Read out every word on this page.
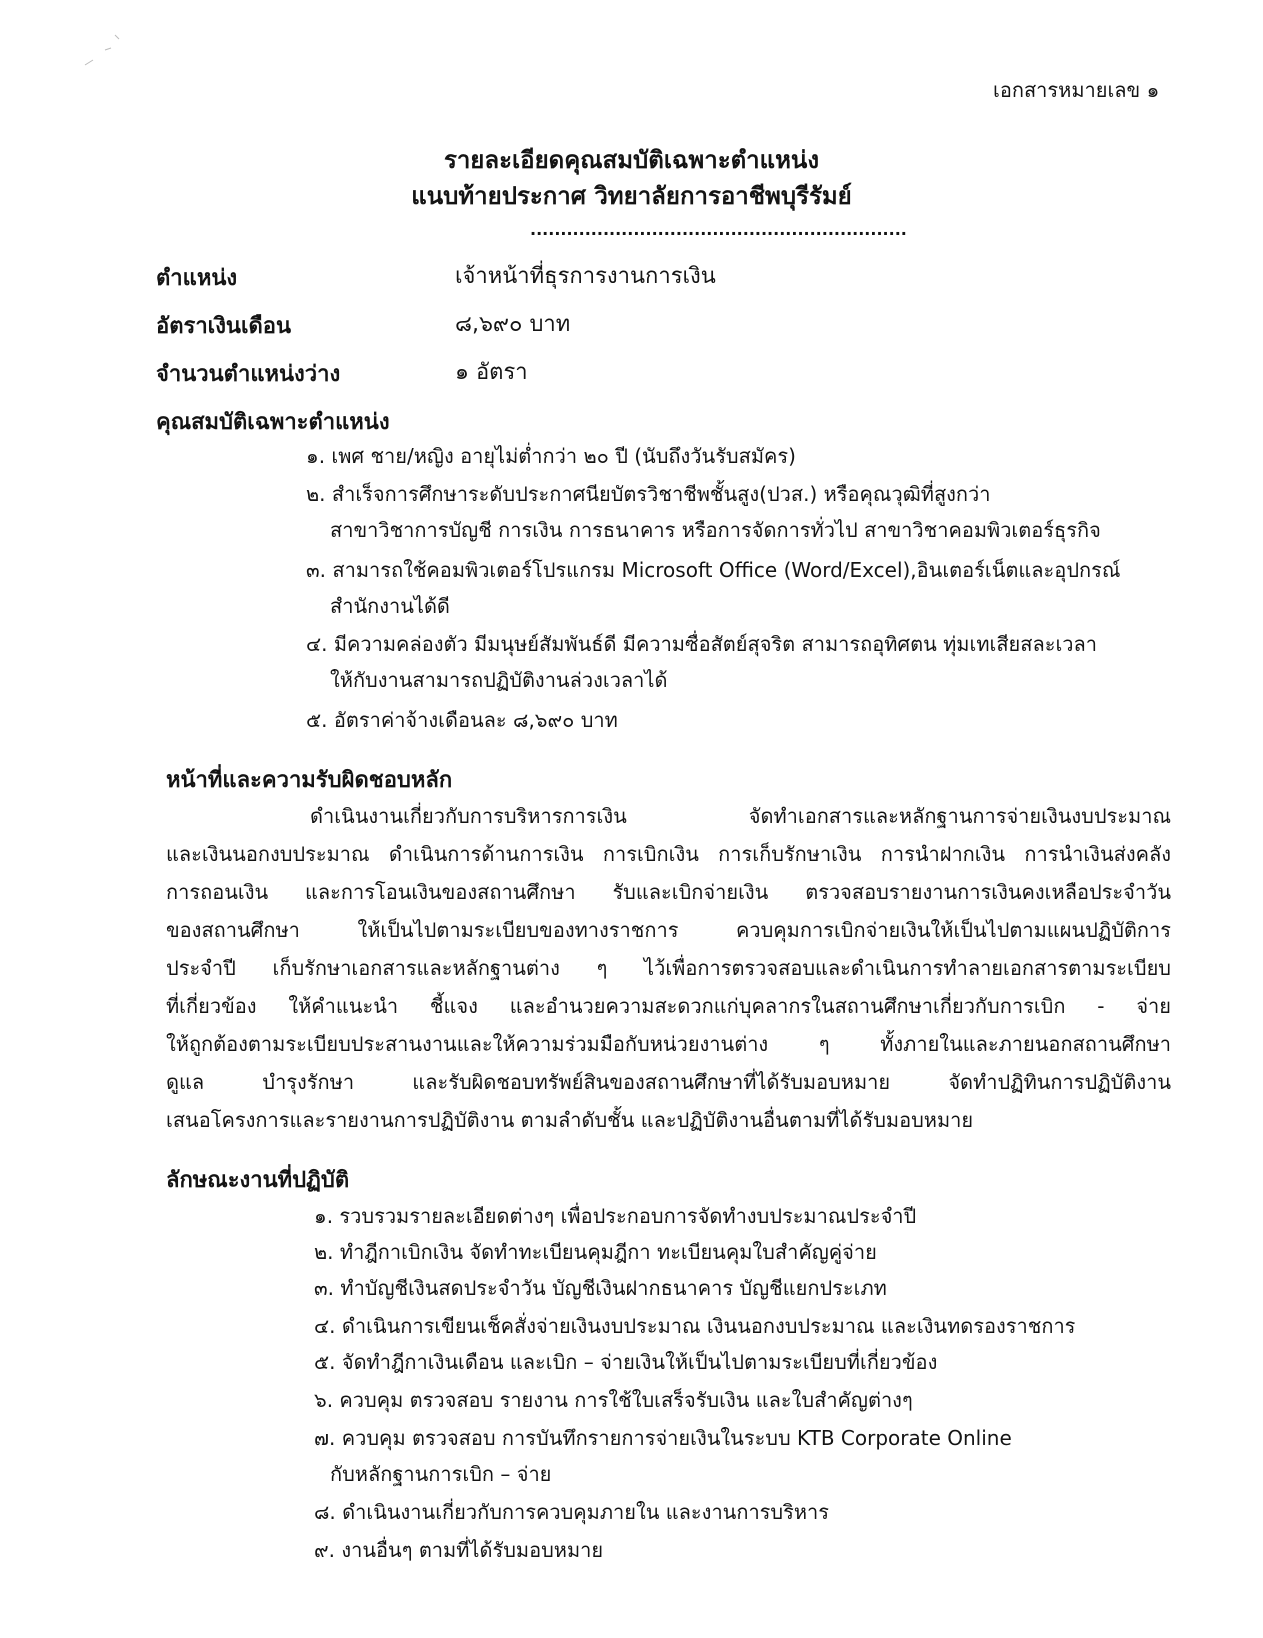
เอกสารหมายเลข ๑
รายละเอียดคุณสมบัติเฉพาะตำแหน่ง
แนบท้ายประกาศ วิทยาลัยการอาชีพบุรีรัมย์
..............................................................
ตำแหน่ง	เจ้าหน้าที่ธุรการงานการเงิน
อัตราเงินเดือน	๘,๖๙๐ บาท
จำนวนตำแหน่งว่าง	๑ อัตรา
คุณสมบัติเฉพาะตำแหน่ง
๑. เพศ ชาย/หญิง อายุไม่ต่ำกว่า ๒๐ ปี (นับถึงวันรับสมัคร)
๒. สำเร็จการศึกษาระดับประกาศนียบัตรวิชาชีพชั้นสูง(ปวส.) หรือคุณวุฒิที่สูงกว่า
สาขาวิชาการบัญชี การเงิน การธนาคาร หรือการจัดการทั่วไป สาขาวิชาคอมพิวเตอร์ธุรกิจ
๓. สามารถใช้คอมพิวเตอร์โปรแกรม Microsoft Office (Word/Excel),อินเตอร์เน็ตและอุปกรณ์
สำนักงานได้ดี
๔. มีความคล่องตัว มีมนุษย์สัมพันธ์ดี มีความซื่อสัตย์สุจริต สามารถอุทิศตน ทุ่มเทเสียสละเวลา
ให้กับงานสามารถปฏิบัติงานล่วงเวลาได้
๕. อัตราค่าจ้างเดือนละ ๘,๖๙๐ บาท
หน้าที่และความรับผิดชอบหลัก
ดำเนินงานเกี่ยวกับการบริหารการเงิน จัดทำเอกสารและหลักฐานการจ่ายเงินงบประมาณ
และเงินนอกงบประมาณ ดำเนินการด้านการเงิน การเบิกเงิน การเก็บรักษาเงิน การนำฝากเงิน การนำเงินส่งคลัง
การถอนเงิน และการโอนเงินของสถานศึกษา รับและเบิกจ่ายเงิน ตรวจสอบรายงานการเงินคงเหลือประจำวัน
ของสถานศึกษา ให้เป็นไปตามระเบียบของทางราชการ ควบคุมการเบิกจ่ายเงินให้เป็นไปตามแผนปฏิบัติการ
ประจำปี เก็บรักษาเอกสารและหลักฐานต่าง ๆ ไว้เพื่อการตรวจสอบและดำเนินการทำลายเอกสารตามระเบียบ
ที่เกี่ยวข้อง ให้คำแนะนำ ชี้แจง และอำนวยความสะดวกแก่บุคลากรในสถานศึกษาเกี่ยวกับการเบิก - จ่าย
ให้ถูกต้องตามระเบียบประสานงานและให้ความร่วมมือกับหน่วยงานต่าง ๆ ทั้งภายในและภายนอกสถานศึกษา
ดูแล บำรุงรักษา และรับผิดชอบทรัพย์สินของสถานศึกษาที่ได้รับมอบหมาย จัดทำปฏิทินการปฏิบัติงาน
เสนอโครงการและรายงานการปฏิบัติงาน ตามลำดับชั้น และปฏิบัติงานอื่นตามที่ได้รับมอบหมาย
ลักษณะงานที่ปฏิบัติ
๑. รวบรวมรายละเอียดต่างๆ เพื่อประกอบการจัดทำงบประมาณประจำปี
๒. ทำฎีกาเบิกเงิน จัดทำทะเบียนคุมฎีกา ทะเบียนคุมใบสำคัญคู่จ่าย
๓. ทำบัญชีเงินสดประจำวัน บัญชีเงินฝากธนาคาร บัญชีแยกประเภท
๔. ดำเนินการเขียนเช็คสั่งจ่ายเงินงบประมาณ เงินนอกงบประมาณ และเงินทดรองราชการ
๕. จัดทำฎีกาเงินเดือน และเบิก – จ่ายเงินให้เป็นไปตามระเบียบที่เกี่ยวข้อง
๖. ควบคุม ตรวจสอบ รายงาน การใช้ใบเสร็จรับเงิน และใบสำคัญต่างๆ
๗. ควบคุม ตรวจสอบ การบันทึกรายการจ่ายเงินในระบบ KTB Corporate Online
กับหลักฐานการเบิก – จ่าย
๘. ดำเนินงานเกี่ยวกับการควบคุมภายใน และงานการบริหาร
๙. งานอื่นๆ ตามที่ได้รับมอบหมาย
